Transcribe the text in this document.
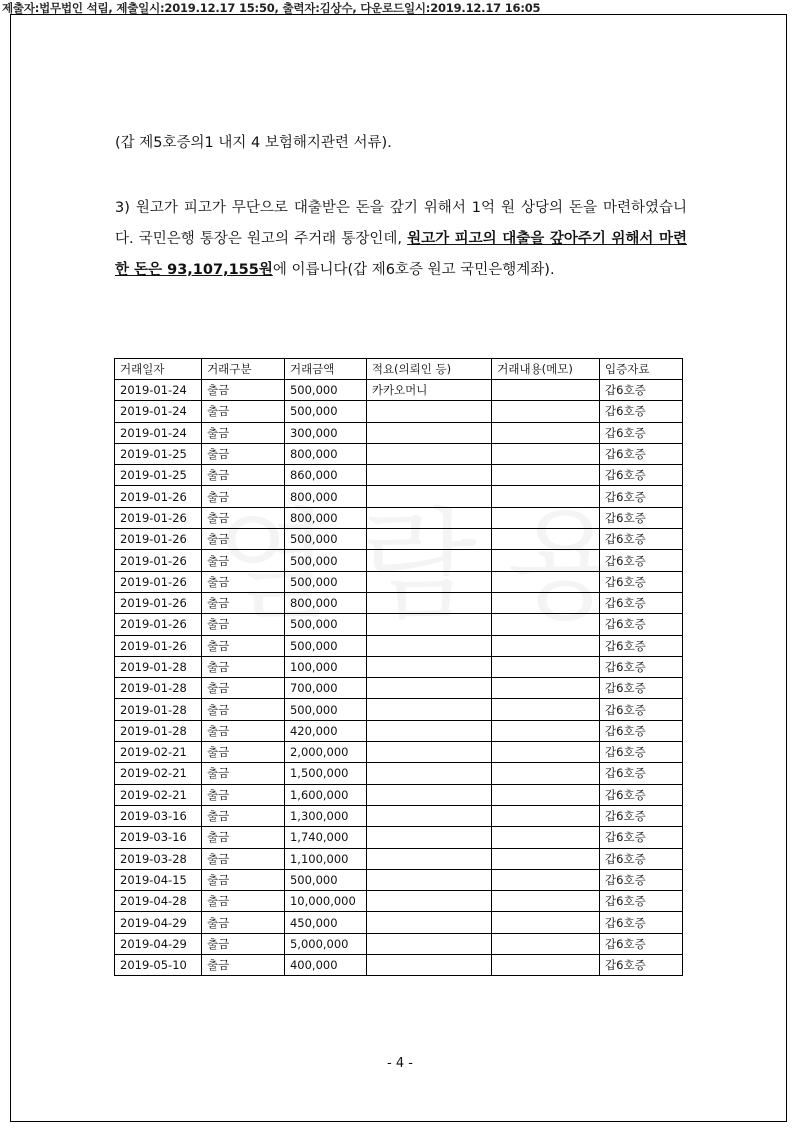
제출자:법무법인 석림, 제출일시:2019.12.17 15:50, 출력자:김상수, 다운로드일시:2019.12.17 16:05
(갑 제5호증의1 내지 4 보험해지관련 서류).
3) 원고가 피고가 무단으로 대출받은 돈을 갚기 위해서 1억 원 상당의 돈을 마련하였습니다. 국민은행 통장은 원고의 주거래 통장인데, 원고가 피고의 대출을 갚아주기 위해서 마련한 돈은 93,107,155원에 이릅니다(갑 제6호증 원고 국민은행계좌).
거래일자	거래구분	거래금액	적요(의뢰인 등)	거래내용(메모)	입증자료
2019-01-24	출금	500,000	카카오머니		갑6호증
2019-01-24	출금	500,000			갑6호증
2019-01-24	출금	300,000			갑6호증
2019-01-25	출금	800,000			갑6호증
2019-01-25	출금	860,000			갑6호증
2019-01-26	출금	800,000			갑6호증
2019-01-26	출금	800,000			갑6호증
2019-01-26	출금	500,000			갑6호증
2019-01-26	출금	500,000			갑6호증
2019-01-26	출금	500,000			갑6호증
2019-01-26	출금	800,000			갑6호증
2019-01-26	출금	500,000			갑6호증
2019-01-26	출금	500,000			갑6호증
2019-01-28	출금	100,000			갑6호증
2019-01-28	출금	700,000			갑6호증
2019-01-28	출금	500,000			갑6호증
2019-01-28	출금	420,000			갑6호증
2019-02-21	출금	2,000,000			갑6호증
2019-02-21	출금	1,500,000			갑6호증
2019-02-21	출금	1,600,000			갑6호증
2019-03-16	출금	1,300,000			갑6호증
2019-03-16	출금	1,740,000			갑6호증
2019-03-28	출금	1,100,000			갑6호증
2019-04-15	출금	500,000			갑6호증
2019-04-28	출금	10,000,000			갑6호증
2019-04-29	출금	450,000			갑6호증
2019-04-29	출금	5,000,000			갑6호증
2019-05-10	출금	400,000			갑6호증
- 4 -
